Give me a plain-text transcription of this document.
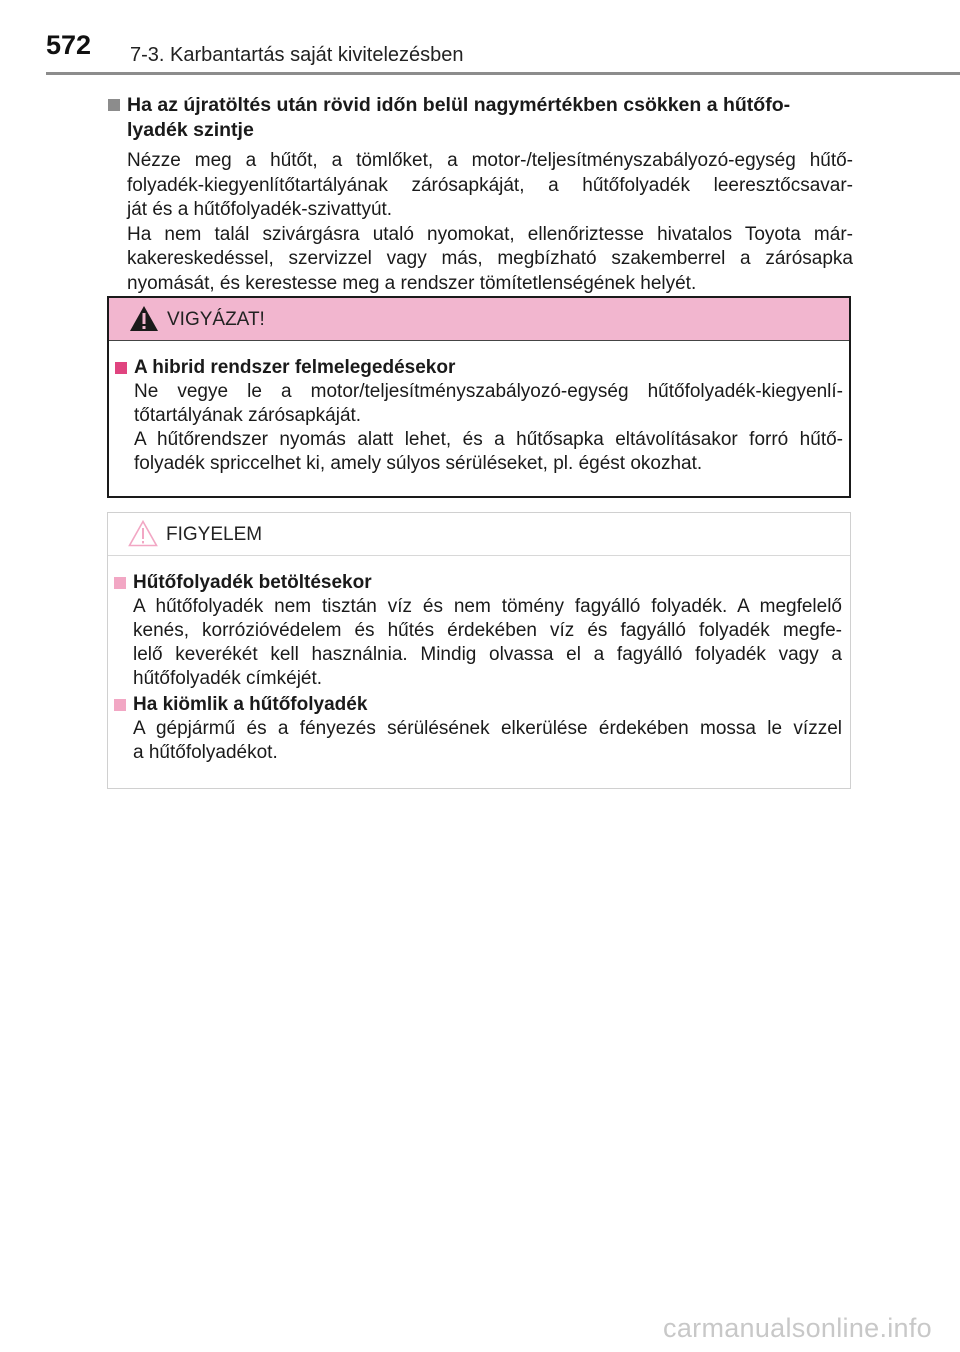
572 7-3. Karbantartás saját kivitelezésben
Ha az újratöltés után rövid időn belül nagymértékben csökken a hűtőfo-
lyadék szintje

Nézze meg a hűtőt, a tömlőket, a motor-/teljesítményszabályozó-egység hűtő-

folyadék-kiegyenlítőtartályának zárósapkáját, a hűtőfolyadék leeresztőcsavar-

ját és a hűtőfolyadék-szivattyút.

Ha nem talál szivárgásra utaló nyomokat, ellenőriztesse hivatalos Toyota már-

kakereskedéssel, szervizzel vagy más, megbízható szakemberrel a zárósapka

nyomását, és kerestesse meg a rendszer tömítetlenségének helyét.

VIGYÁZAT!
A hibrid rendszer felmelegedésekor

Ne vegye le a motor/teljesítményszabályozó-egység hűtőfolyadék-kiegyenlí-

tőtartályának zárósapkáját.

A hűtőrendszer nyomás alatt lehet, és a hűtősapka eltávolításakor forró hűtő-

folyadék spriccelhet ki, amely súlyos sérüléseket, pl. égést okozhat.

FIGYELEM
Hűtőfolyadék betöltésekor

A hűtőfolyadék nem tisztán víz és nem tömény fagyálló folyadék. A megfelelő

kenés, korrózióvédelem és hűtés érdekében víz és fagyálló folyadék megfe-

lelő keverékét kell használnia. Mindig olvassa el a fagyálló folyadék vagy a

hűtőfolyadék címkéjét.

Ha kiömlik a hűtőfolyadék

A gépjármű és a fényezés sérülésének elkerülése érdekében mossa le vízzel

a hűtőfolyadékot.

carmanualsonline.info
